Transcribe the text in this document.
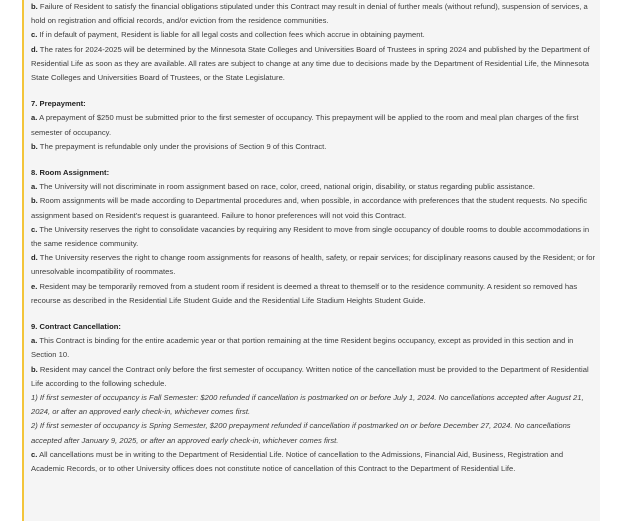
b. Failure of Resident to satisfy the financial obligations stipulated under this Contract may result in denial of further meals (without refund), suspension of services, a hold on registration and official records, and/or eviction from the residence communities.

c. If in default of payment, Resident is liable for all legal costs and collection fees which accrue in obtaining payment.

d. The rates for 2024-2025 will be determined by the Minnesota State Colleges and Universities Board of Trustees in spring 2024 and published by the Department of Residential Life as soon as they are available. All rates are subject to change at any time due to decisions made by the Department of Residential Life, the Minnesota State Colleges and Universities Board of Trustees, or the State Legislature.

7. Prepayment:

a. A prepayment of $250 must be submitted prior to the first semester of occupancy. This prepayment will be applied to the room and meal plan charges of the first semester of occupancy.

b. The prepayment is refundable only under the provisions of Section 9 of this Contract.

8. Room Assignment:

a. The University will not discriminate in room assignment based on race, color, creed, national origin, disability, or status regarding public assistance.

b. Room assignments will be made according to Departmental procedures and, when possible, in accordance with preferences that the student requests. No specific assignment based on Resident's request is guaranteed. Failure to honor preferences will not void this Contract.

c. The University reserves the right to consolidate vacancies by requiring any Resident to move from single occupancy of double rooms to double accommodations in the same residence community.

d. The University reserves the right to change room assignments for reasons of health, safety, or repair services; for disciplinary reasons caused by the Resident; or for unresolvable incompatibility of roommates.

e. Resident may be temporarily removed from a student room if resident is deemed a threat to themself or to the residence community. A resident so removed has recourse as described in the Residential Life Student Guide and the Residential Life Stadium Heights Student Guide.

9. Contract Cancellation:

a. This Contract is binding for the entire academic year or that portion remaining at the time Resident begins occupancy, except as provided in this section and in Section 10.

b. Resident may cancel the Contract only before the first semester of occupancy. Written notice of the cancellation must be provided to the Department of Residential Life according to the following schedule.

1) If first semester of occupancy is Fall Semester: $200 refunded if cancellation is postmarked on or before July 1, 2024. No cancellations accepted after August 21, 2024, or after an approved early check-in, whichever comes first.

2) If first semester of occupancy is Spring Semester, $200 prepayment refunded if cancellation if postmarked on or before December 27, 2024. No cancellations accepted after January 9, 2025, or after an approved early check-in, whichever comes first.

c. All cancellations must be in writing to the Department of Residential Life. Notice of cancellation to the Admissions, Financial Aid, Business, Registration and Academic Records, or to other University offices does not constitute notice of cancellation of this Contract to the Department of Residential Life.
